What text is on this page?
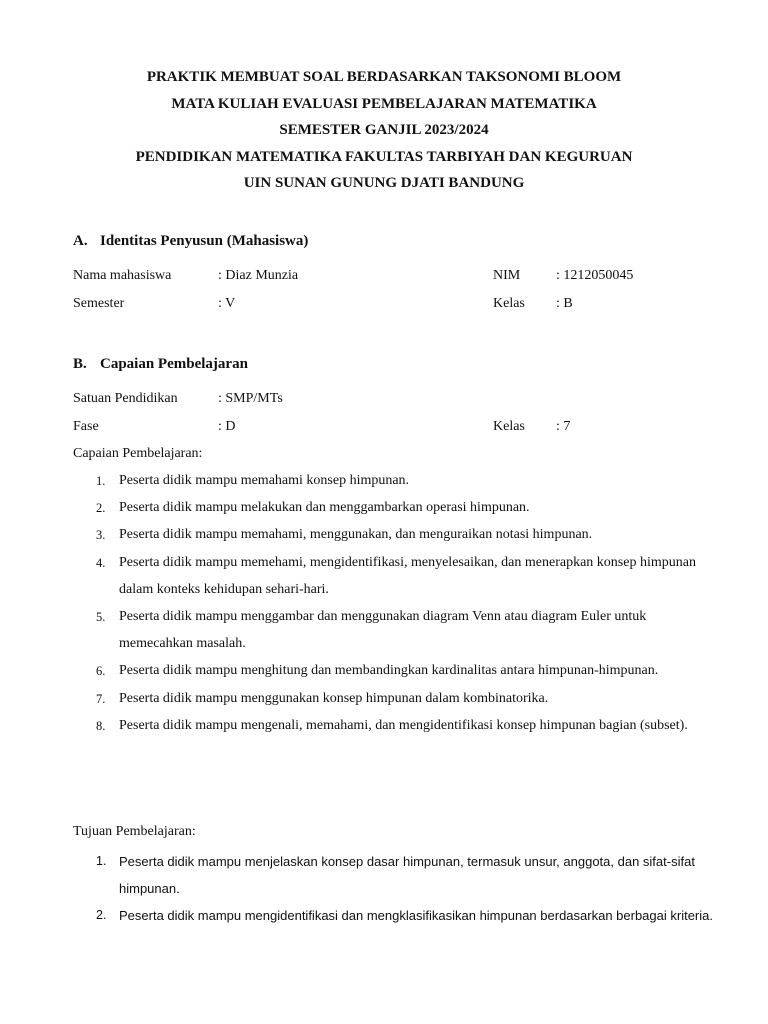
PRAKTIK MEMBUAT SOAL BERDASARKAN TAKSONOMI BLOOM
MATA KULIAH EVALUASI PEMBELAJARAN MATEMATIKA
SEMESTER GANJIL 2023/2024
PENDIDIKAN MATEMATIKA FAKULTAS TARBIYAH DAN KEGURUAN
UIN SUNAN GUNUNG DJATI BANDUNG
A. Identitas Penyusun (Mahasiswa)
Nama mahasiswa	: Diaz Munzia	NIM	: 1212050045
Semester	: V	Kelas : B
B. Capaian Pembelajaran
Satuan Pendidikan	: SMP/MTs
Fase	: D	Kelas : 7
Capaian Pembelajaran:
1. Peserta didik mampu memahami konsep himpunan.
2. Peserta didik mampu melakukan dan menggambarkan operasi himpunan.
3. Peserta didik mampu memahami, menggunakan, dan menguraikan notasi himpunan.
4. Peserta didik mampu memehami, mengidentifikasi, menyelesaikan, dan menerapkan konsep himpunan dalam konteks kehidupan sehari-hari.
5. Peserta didik mampu menggambar dan menggunakan diagram Venn atau diagram Euler untuk memecahkan masalah.
6. Peserta didik mampu menghitung dan membandingkan kardinalitas antara himpunan-himpunan.
7. Peserta didik mampu menggunakan konsep himpunan dalam kombinatorika.
8. Peserta didik mampu mengenali, memahami, dan mengidentifikasi konsep himpunan bagian (subset).
Tujuan Pembelajaran:
1. Peserta didik mampu menjelaskan konsep dasar himpunan, termasuk unsur, anggota, dan sifat-sifat himpunan.
2. Peserta didik mampu mengidentifikasi dan mengklasifikasikan himpunan berdasarkan berbagai kriteria.
